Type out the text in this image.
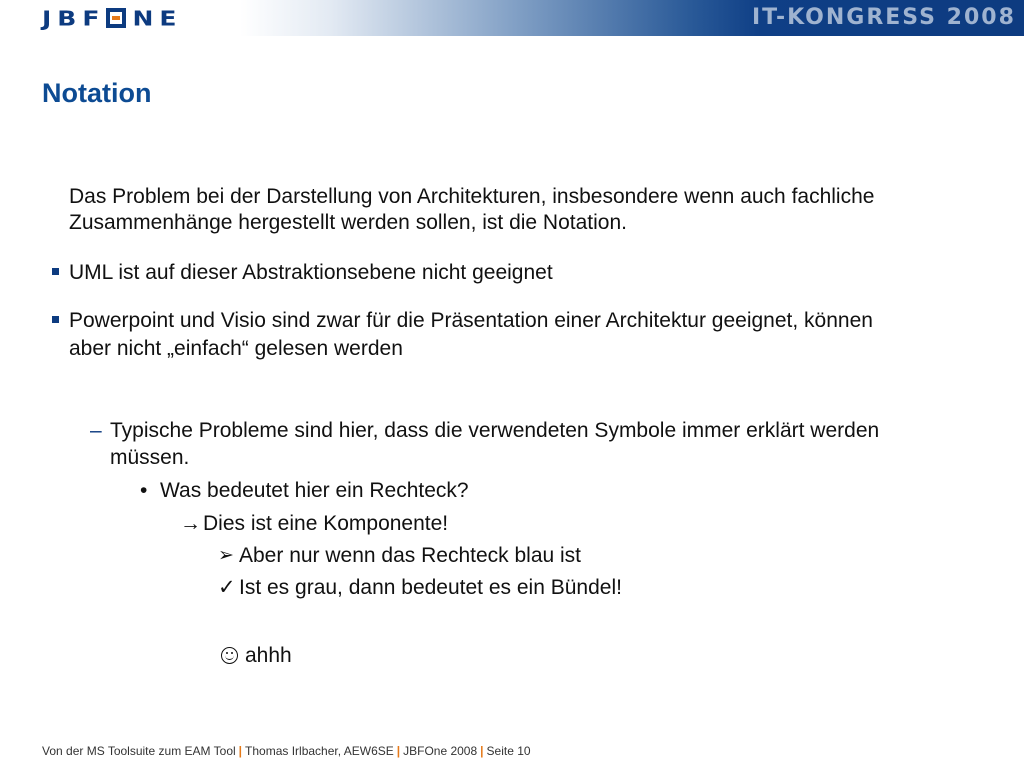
JBF NE	IT-KONGRESS 2008
Notation
Das Problem bei der Darstellung von Architekturen, insbesondere wenn auch fachliche
Zusammenhänge hergestellt werden sollen, ist die Notation.
UML ist auf dieser Abstraktionsebene nicht geeignet
Powerpoint und Visio sind zwar für die Präsentation einer Architektur geeignet, können
aber nicht „einfach“ gelesen werden
– Typische Probleme sind hier, dass die verwendeten Symbole immer erklärt werden
müssen.
• Was bedeutet hier ein Rechteck?
→ Dies ist eine Komponente!
➢ Aber nur wenn das Rechteck blau ist
✓ Ist es grau, dann bedeutet es ein Bündel!
ahhh
Von der MS Toolsuite zum EAM Tool | Thomas Irlbacher, AEW6SE | JBFOne 2008 | Seite 10
